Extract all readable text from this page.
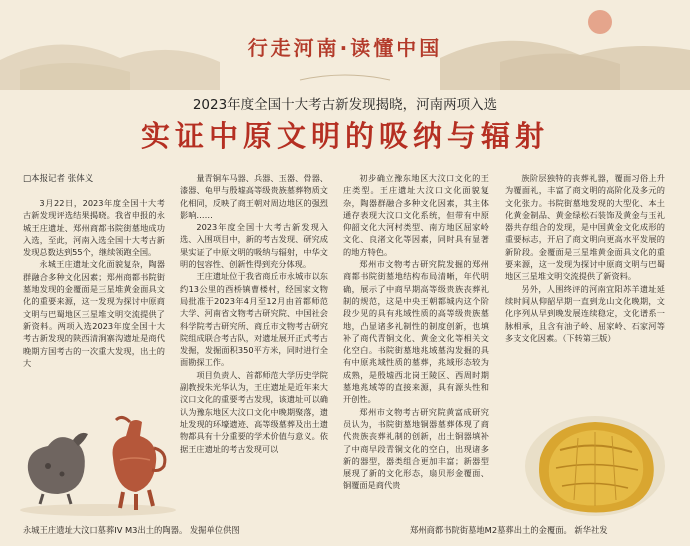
行走河南·读懂中国
2023年度全国十大考古新发现揭晓，河南两项入选
实证中原文明的吸纳与辐射
□本报记者 张体义

3月22日，2023年度全国十大考古新发现评选结果揭晓。我省申报的永城王庄遗址、郑州商都书院街墓地成功入选，至此，河南入选全国十大考古新发现总数达到55个，继续领跑全国。

永城王庄遗址文化面貌复杂，陶器群融合多种文化因素；郑州商都书院街墓地发现的金覆面是三星堆黄金面具文化的重要来源，这一发现为探讨中原商文明与巴蜀地区三星堆文明交流提供了新资料。两项入选2023年度全国十大考古新发现的陕西清涧寨沟遗址是商代晚期方国考古的一次重大发现，出土的大

量青铜车马器、兵器、玉器、骨器、漆器、龟甲与殷墟高等级贵族墓葬物质文化相同，反映了商王朝对周边地区的强烈影响……

2023年度全国十大考古新发现入选、入围项目中，新的考古发现、研究成果实证了中原文明的吸纳与辐射，中华文明的包容性、创新性得到充分体现。

王庄遗址位于我省商丘市永城市以东约13公里的酉桥镇曹楼村，经国家文物局批准于2023年4月至12月由首都师范大学、河南省文物考古研究院、中国社会科学院考古研究所、商丘市文物考古研究院组成联合考古队，对遗址展开正式考古发掘，发掘面积350平方米，同时进行全面勘探工作。

项目负责人、首都师范大学历史学院副教授朱光华认为，王庄遗址是近年来大汶口文化的重要考古发现，该遗址可以确认为豫东地区大汶口文化中晚期聚落，遗址发现的环壕遗迹、高等级墓葬及出土遗物都具有十分重要的学术价值与意义。依据王庄遗址的考古发现可以

初步确立豫东地区大汶口文化的王庄类型。王庄遗址大汶口文化面貌复杂，陶器群融合多种文化因素，其主体通存表现大汶口文化系统，但带有中原仰韶文化大河村类型、南方地区屈家岭文化、良渚文化等因素，同时具有显著的地方特色。

郑州市文物考古研究院发掘的郑州商都书院街墓地结构布局清晰，年代明确，展示了中商早期高等级贵族丧葬礼制的规范，这是中央王朝都城内这个阶段少见的具有兆域性质的高等级贵族墓地，凸显诸多礼制性的制度创新，也填补了商代青铜文化、黄金文化等相关文化空白。书院街墓地兆域墓沟发掘的具有中原兆域性质的墓葬，兆域形态较为成熟，是殷墟西北岗王陵区、西周时期墓地兆域等的直接来源，具有源头性和开创性。

郑州市文物考古研究院黄富成研究员认为，书院街墓地铜器墓葬体现了商代贵族丧葬礼制的创新，出土铜器填补了中商早段青铜文化的空白，出现诸多新的器型，器类组合更加丰富；新器型展现了新的文化形态，扇贝形金覆面、铜覆面是商代贵

族阶层独特的丧葬礼器，覆面习俗上升为覆面礼，丰富了商文明的高阶化及多元的文化张力。书院街墓地发现的大型化、本土化黄金制品、黄金绿松石装饰及黄金与玉礼器共存组合的发现，是中国黄金文化成形的重要标志，开启了商文明向更高水平发展的新阶段。金覆面是三星堆黄金面具文化的重要来源，这一发现为探讨中原商文明与巴蜀地区三星堆文明交流提供了新资料。

另外，人围终评的河南宜阳苏羊遗址延续时间从仰韶早期一直到龙山文化晚期，文化序列从早到晚发展连续稳定，文化谱系一脉相承，且含有油子岭、屈家岭、石家河等多支文化因素。（下转第三版）

永城王庄遗址大汶口墓葬IV M3出土的陶器。 发掘单位供图	郑州商都书院街墓地M2墓葬出土的金覆面。 新华社发
